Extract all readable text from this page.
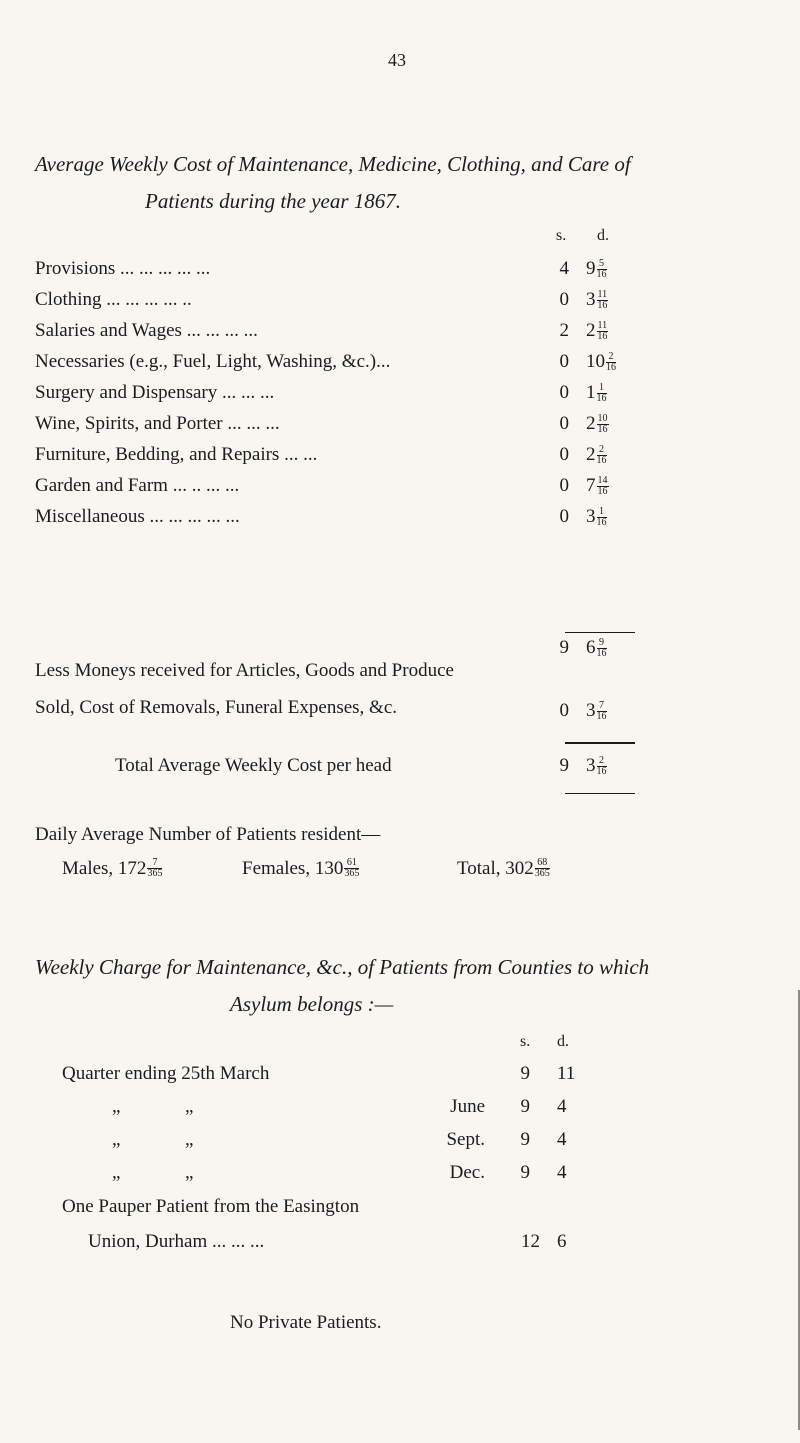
43
Average Weekly Cost of Maintenance, Medicine, Clothing, and Care of
Patients during the year 1867.
s. d.
Provisions ... ... ... ... ...	4 $9 \frac{5}{16}$
Clothing ... ... ... ... ..	0 $3 \frac{11}{16}$
Salaries and Wages ... ... ... ...	2 $2 \frac{11}{16}$
Necessaries (e.g., Fuel, Light, Washing, &c.)...	0 $10 \frac{2}{16}$
Surgery and Dispensary ... ... ...	0 $1 \frac{1}{16}$
Wine, Spirits, and Porter ... ... ...	0 $2 \frac{10}{16}$
Furniture, Bedding, and Repairs ... ...	0 $2 \frac{2}{16}$
Garden and Farm ... .. ... ...	0 $7 \frac{14}{16}$
Miscellaneous ... ... ... ... ...	0 $3 \frac{1}{16}$
9 $6 \frac{9}{16}$
Less Moneys received for Articles, Goods and Produce
Sold, Cost of Removals, Funeral Expenses, &c.	0 $3 \frac{7}{16}$
Total Average Weekly Cost per head	9 $3 \frac{2}{16}$
Daily Average Number of Patients resident—
Males, $172 \frac{7}{365}$	Females, $130 \frac{61}{365}$	Total, $302 \frac{68}{365}$
Weekly Charge for Maintenance, &c., of Patients from Counties to which
Asylum belongs :—
s. d.
Quarter ending 25th March	9 11
„	„	June	9 4
„	„	Sept.	9 4
„	„	Dec.	9 4
One Pauper Patient from the Easington
Union, Durham ... ... ...	12 6
No Private Patients.
